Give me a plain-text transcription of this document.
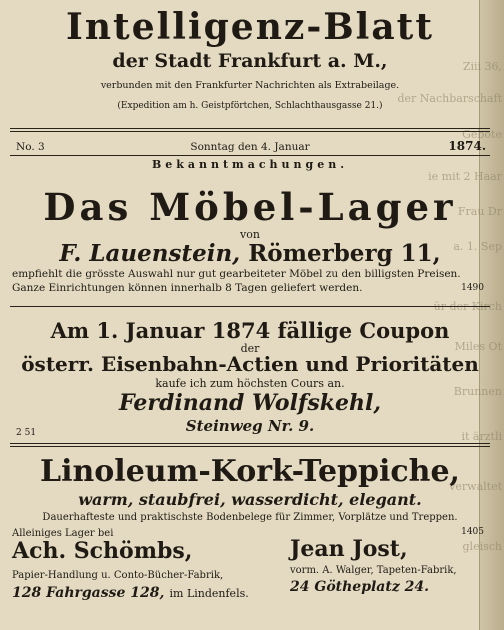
Ziii 36,
der Nachbarschaft
Gebote
ie mit 2 Haar
Frau Dr
a. 1. Sep
ür der Kirch
Miles Ot
Brunnen
it ärztli
verwaltet
gleisch
Intelligenz-Blatt
der Stadt Frankfurt a. M.,
verbunden mit den Frankfurter Nachrichten als Extrabeilage.
(Expedition am h. Geistpförtchen, Schlachthausgasse 21.)
No. 3	Sonntag den 4. Januar	1874.
Bekanntmachungen.
Das Möbel-Lager
von
F. Lauenstein, Römerberg 11,
empfiehlt die grösste Auswahl nur gut gearbeiteter Möbel zu den billigsten Preisen.
Ganze Einrichtungen können innerhalb 8 Tagen geliefert werden.	1490
Am 1. Januar 1874 fällige Coupon
der
österr. Eisenbahn-Actien und Prioritäten
kaufe ich zum höchsten Cours an.
Ferdinand Wolfskehl,
Steinweg Nr. 9.
2 51
Linoleum-Kork-Teppiche,
warm, staubfrei, wasserdicht, elegant.
Dauerhafteste und praktischste Bodenbelege für Zimmer, Vorplätze und Treppen.
1405
Alleiniges Lager bei
Ach. Schömbs,
Papier-Handlung u. Conto-Bücher-Fabrik,
128 Fahrgasse 128, im Lindenfels.
Jean Jost,
vorm. A. Walger, Tapeten-Fabrik,
24 Götheplatz 24.
